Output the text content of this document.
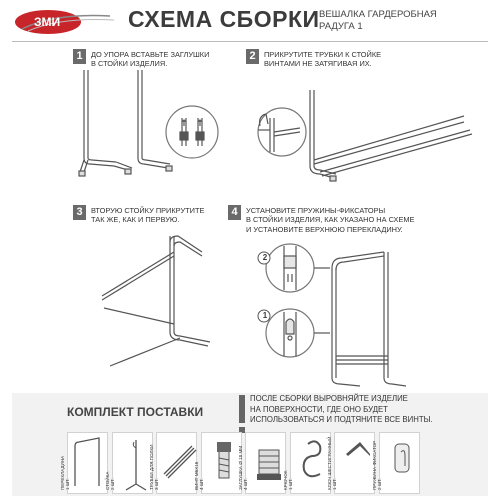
ЗМИ	СХЕМА СБОРКИ ВЕШАЛКА ГАРДЕРОБНАЯ
РАДУГА 1
1	ДО УПОРА ВСТАВЬТЕ ЗАГЛУШКИ
В СТОЙКИ ИЗДЕЛИЯ.
2	ПРИКРУТИТЕ ТРУБКИ К СТОЙКЕ
ВИНТАМИ НЕ ЗАТЯГИВАЯ ИХ.
3	ВТОРУЮ СТОЙКУ ПРИКРУТИТЕ
ТАК ЖЕ, КАК И ПЕРВУЮ.
4	УСТАНОВИТЕ ПРУЖИНЫ-ФИКСАТОРЫ
В СТОЙКИ ИЗДЕЛИЯ, КАК УКАЗАНО НА СХЕМЕ
И УСТАНОВИТЕ ВЕРХНЮЮ ПЕРЕКЛАДИНУ.
2
1
КОМПЛЕКТ ПОСТАВКИ
ПОСЛЕ СБОРКИ ВЫРОВНЯЙТЕ ИЗДЕЛИЕ
НА ПОВЕРХНОСТИ, ГДЕ ОНО БУДЕТ
ИСПОЛЬЗОВАТЬСЯ И ПОДТЯНИТЕ ВСЕ ВИНТЫ.
ПЕРЕКЛАДИНА 1 ШТ.	СТОЙКА 2 ШТ.	ТРУБКИ ДЛЯ ПОЛКИ 3 ШТ.	ВИНТ М6Х16 4 ШТ.	ЗАГЛУШКА Ø 18 ММ 4 ШТ.	КРЮЧОК 1 ШТ.	КЛЮЧ ШЕСТИГРАННЫЙ 1 ШТ.	ПРУЖИНА-ФИКСАТОР 2 ШТ.
